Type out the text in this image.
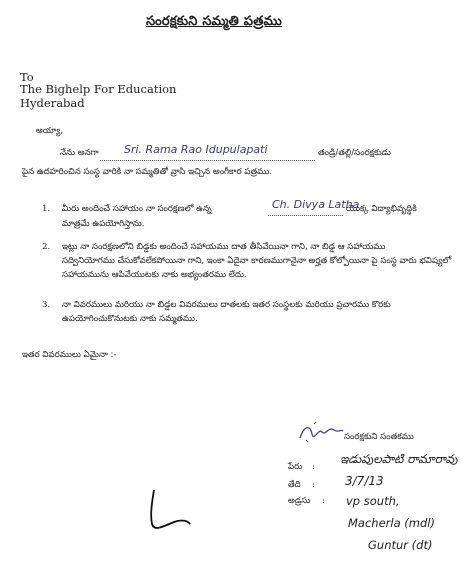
సంరక్షకుని సమ్మతి పత్రము
To
The Bighelp For Education
Hyderabad
అయ్యా,
నేను అనగా Sri. Rama Rao Idupulapati	తండ్రి/తల్లి/సంరక్షకుడు
పైన ఉదహరించిన సంస్థ వారికి నా సమ్మతితో వ్రాసి ఇచ్చిన అంగీకార పత్రము.
1. మీరు అందించే సహాయం నా సంరక్షణలో ఉన్న	Ch. Divya Latha
యొక్క విద్యాభివృద్ధికి
మాత్రమే ఉపయోగిస్తాను.
2. ఇట్లు నా సంరక్షణలోని బిడ్డకు అందించే సహాయము దాత తీసివేయినా గాని, నా బిడ్డ ఆ సహాయము
సద్వినియోగము చేసుకోవలేకపోయినా గాని, ఇంకా ఏదైనా కారణముగానైనా అర్హత కోల్పోయినా పై సంస్థ వారు భవిష్యలో
సహాయమును ఆపివేయుటకు నాకు అభ్యంతరము లేదు.
3. నా వివరములు మరియు నా బిడ్డల వివరములు దాతలకు ఇతర సంస్థలకు మరియు ప్రచారము కొరకు
ఉపయోగించుకొనుటకు నాకు సమ్మతము.
ఇతర వివరములు ఏమైనా :-
సంరక్షకుని సంతకము
పేరు :
ఇడుపులపాటి రామారావు
తేది :	3/7/13
అడ్రసు : vp south,
Macherla (mdl)
Guntur (dt)
